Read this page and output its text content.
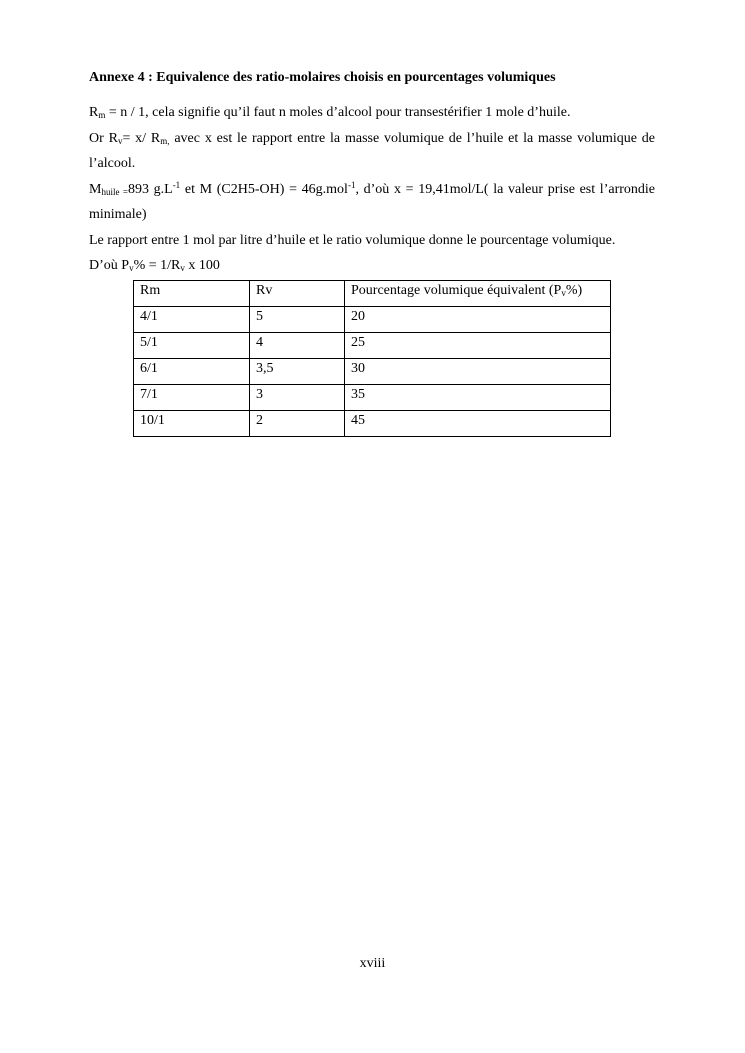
Annexe 4 : Equivalence des ratio-molaires choisis en pourcentages volumiques

$R_m = n / 1$, cela signifie qu’il faut n moles d’alcool pour transestérifier 1 mole d’huile.

Or $R_v= x/$ $R_{m,}$ avec x est le rapport entre la masse volumique de l’huile et la masse volumique de l’alcool.

$M_{huile =}893$ $g.L^{-1}$ et M (C2H5-OH) = 46g.mol$^{-1}$, d’où x = 19,41mol/L( la valeur prise est l’arrondie minimale)

Le rapport entre 1 mol par litre d’huile et le ratio volumique donne le pourcentage volumique.

D’où $P_v\% = 1/R_v$ x 100

Rm	Rv	Pourcentage volumique équivalent $(P_v\%)$
4/1	5	20
5/1	4	25
6/1	3,5	30
7/1	3	35
10/1	2	45
xviii
